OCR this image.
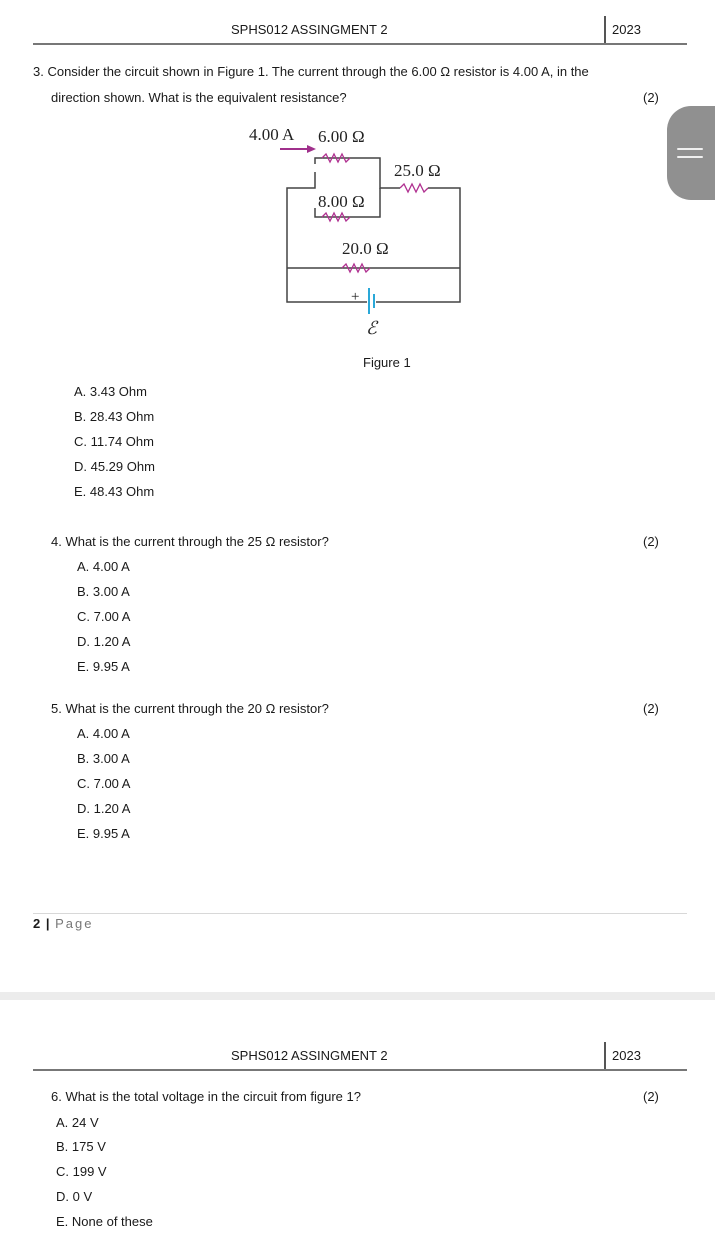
SPHS012 ASSINGMENT 2	2023
3. Consider the circuit shown in Figure 1. The current through the 6.00 Ω resistor is 4.00 A, in the
direction shown. What is the equivalent resistance?	(2)
4.00 A 6.00 Ω
25.0 Ω
8.00 Ω
20.0 Ω
+
ℰ
Figure 1
A. 3.43 Ohm
B. 28.43 Ohm
C. 11.74 Ohm
D. 45.29 Ohm
E. 48.43 Ohm
4. What is the current through the 25 Ω resistor?	(2)
A. 4.00 A
B. 3.00 A
C. 7.00 A
D. 1.20 A
E. 9.95 A
5. What is the current through the 20 Ω resistor?	(2)
A. 4.00 A
B. 3.00 A
C. 7.00 A
D. 1.20 A
E. 9.95 A
2 | Page
SPHS012 ASSINGMENT 2	2023
6. What is the total voltage in the circuit from figure 1?	(2)
A. 24 V
B. 175 V
C. 199 V
D. 0 V
E. None of these
